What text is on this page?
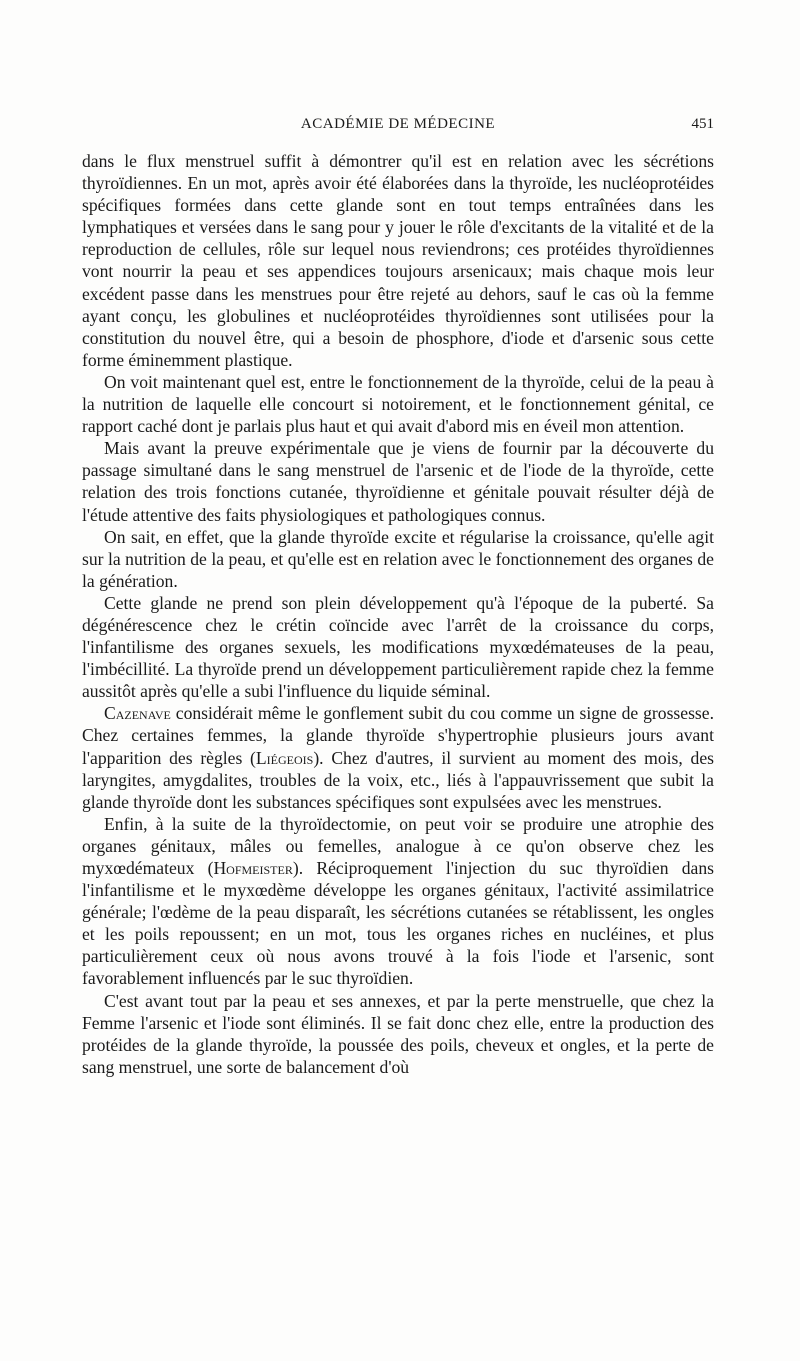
ACADÉMIE DE MÉDECINE	451

dans le flux menstruel suffit à démontrer qu'il est en relation avec les sécrétions thyroïdiennes. En un mot, après avoir été élaborées dans la thyroïde, les nucléoprotéides spécifiques formées dans cette glande sont en tout temps entraînées dans les lymphatiques et versées dans le sang pour y jouer le rôle d'excitants de la vitalité et de la reproduction de cellules, rôle sur lequel nous reviendrons; ces protéides thyroïdiennes vont nourrir la peau et ses appendices toujours arsenicaux; mais chaque mois leur excédent passe dans les menstrues pour être rejeté au dehors, sauf le cas où la femme ayant conçu, les globulines et nucléoprotéides thyroïdiennes sont utilisées pour la constitution du nouvel être, qui a besoin de phosphore, d'iode et d'arsenic sous cette forme éminemment plastique.

On voit maintenant quel est, entre le fonctionnement de la thyroïde, celui de la peau à la nutrition de laquelle elle concourt si notoirement, et le fonctionnement génital, ce rapport caché dont je parlais plus haut et qui avait d'abord mis en éveil mon attention.

Mais avant la preuve expérimentale que je viens de fournir par la découverte du passage simultané dans le sang menstruel de l'arsenic et de l'iode de la thyroïde, cette relation des trois fonctions cutanée, thyroïdienne et génitale pouvait résulter déjà de l'étude attentive des faits physiologiques et pathologiques connus.

On sait, en effet, que la glande thyroïde excite et régularise la croissance, qu'elle agit sur la nutrition de la peau, et qu'elle est en relation avec le fonctionnement des organes de la génération.

Cette glande ne prend son plein développement qu'à l'époque de la puberté. Sa dégénérescence chez le crétin coïncide avec l'arrêt de la croissance du corps, l'infantilisme des organes sexuels, les modifications myxœdémateuses de la peau, l'imbécillité. La thyroïde prend un développement particulièrement rapide chez la femme aussitôt après qu'elle a subi l'influence du liquide séminal.

Cazenave considérait même le gonflement subit du cou comme un signe de grossesse. Chez certaines femmes, la glande thyroïde s'hypertrophie plusieurs jours avant l'apparition des règles (Liégeois). Chez d'autres, il survient au moment des mois, des laryngites, amygdalites, troubles de la voix, etc., liés à l'appauvrissement que subit la glande thyroïde dont les substances spécifiques sont expulsées avec les menstrues.

Enfin, à la suite de la thyroïdectomie, on peut voir se produire une atrophie des organes génitaux, mâles ou femelles, analogue à ce qu'on observe chez les myxœdémateux (Hofmeister). Réciproquement l'injection du suc thyroïdien dans l'infantilisme et le myxœdème développe les organes génitaux, l'activité assimilatrice générale; l'œdème de la peau disparaît, les sécrétions cutanées se rétablissent, les ongles et les poils repoussent; en un mot, tous les organes riches en nucléines, et plus particulièrement ceux où nous avons trouvé à la fois l'iode et l'arsenic, sont favorablement influencés par le suc thyroïdien.

C'est avant tout par la peau et ses annexes, et par la perte menstruelle, que chez la Femme l'arsenic et l'iode sont éliminés. Il se fait donc chez elle, entre la production des protéides de la glande thyroïde, la poussée des poils, cheveux et ongles, et la perte de sang menstruel, une sorte de balancement d'où
